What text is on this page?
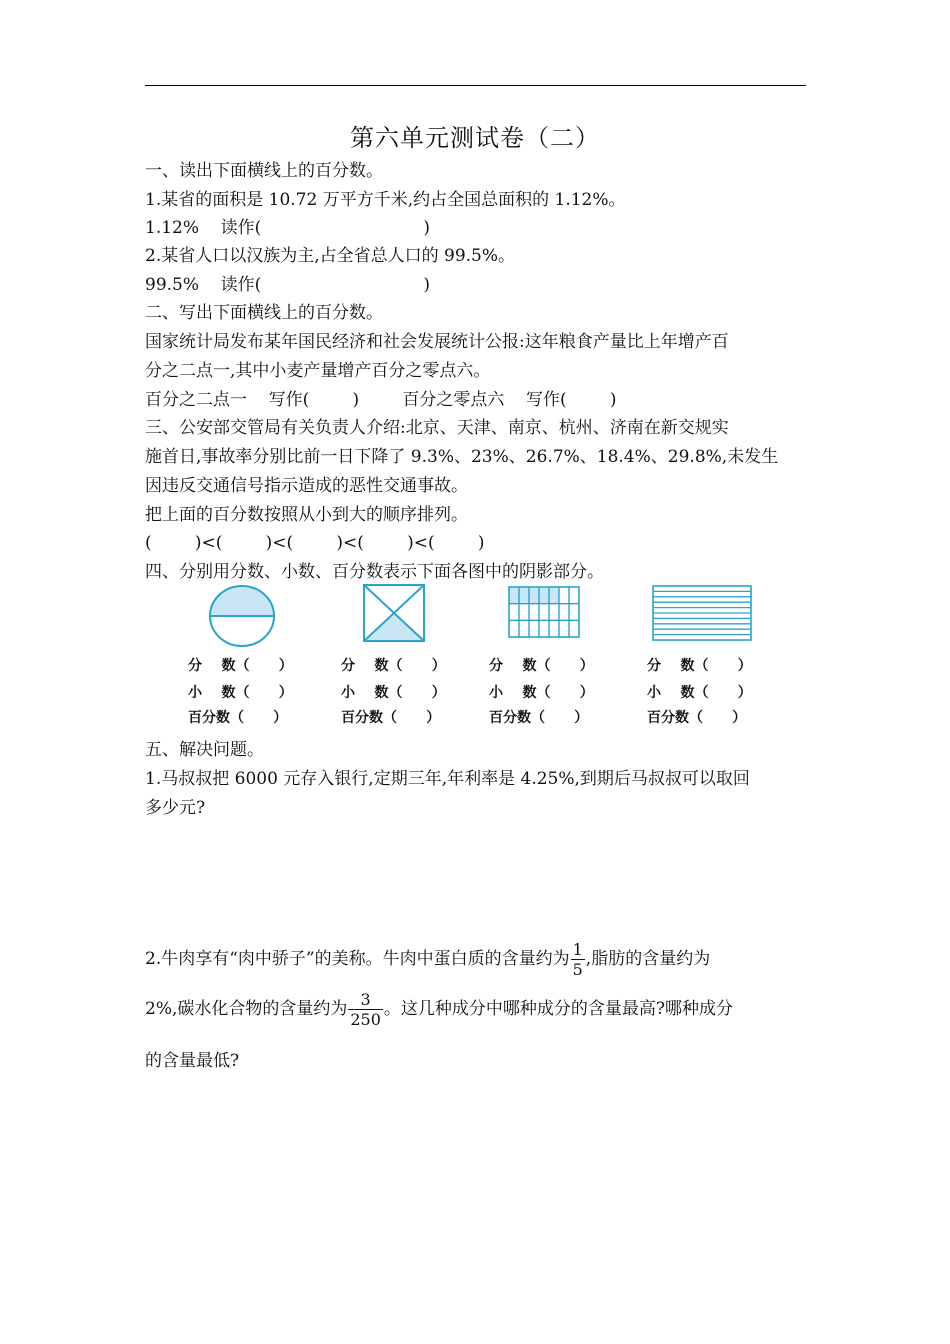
第六单元测试卷（二）
一、读出下面横线上的百分数。
1.某省的面积是 10.72 万平方千米,约占全国总面积的 1.12%。
1.12%    读作(                              )
2.某省人口以汉族为主,占全省总人口的 99.5%。
99.5%    读作(                              )
二、写出下面横线上的百分数。
国家统计局发布某年国民经济和社会发展统计公报:这年粮食产量比上年增产百
分之二点一,其中小麦产量增产百分之零点六。
百分之二点一    写作(        )        百分之零点六    写作(        )
三、公安部交管局有关负责人介绍:北京、天津、南京、杭州、济南在新交规实
施首日,事故率分别比前一日下降了 9.3%、23%、26.7%、18.4%、29.8%,未发生
因违反交通信号指示造成的恶性交通事故。
把上面的百分数按照从小到大的顺序排列。
(        )<(        )<(        )<(        )<(        )
四、分别用分数、小数、百分数表示下面各图中的阴影部分。
分    数（      ）
小    数（      ）
百分数（      ）
分    数（      ）
小    数（      ）
百分数（      ）
分    数（      ）
小    数（      ）
百分数（      ）
分    数（      ）
小    数（      ）
百分数（      ）
五、解决问题。
1.马叔叔把 6000 元存入银行,定期三年,年利率是 4.25%,到期后马叔叔可以取回
多少元?
2.牛肉享有“肉中骄子”的美称。牛肉中蛋白质的含量约为 $\frac{1}{5}$ ,脂肪的含量约为
2%,碳水化合物的含量约为 $\frac{3}{250}$ 。这几种成分中哪种成分的含量最高?哪种成分
的含量最低?
